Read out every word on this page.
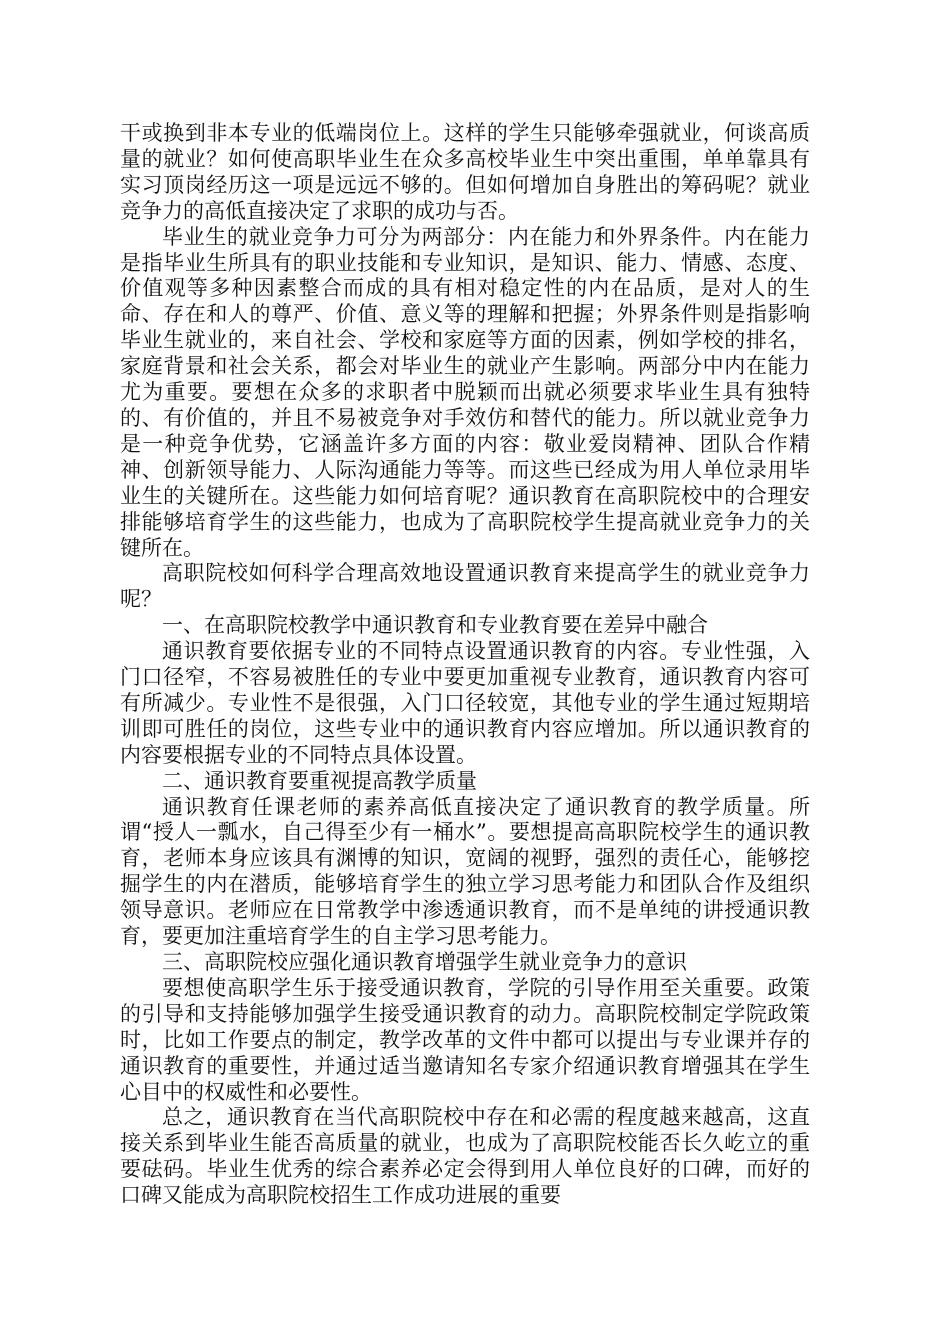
干或换到非本专业的低端岗位上。这样的学生只能够牵强就业，何谈高质量的就业？如何使高职毕业生在众多高校毕业生中突出重围，单单靠具有实习顶岗经历这一项是远远不够的。但如何增加自身胜出的筹码呢？就业竞争力的高低直接决定了求职的成功与否。

毕业生的就业竞争力可分为两部分：内在能力和外界条件。内在能力是指毕业生所具有的职业技能和专业知识，是知识、能力、情感、态度、价值观等多种因素整合而成的具有相对稳定性的内在品质，是对人的生命、存在和人的尊严、价值、意义等的理解和把握；外界条件则是指影响毕业生就业的，来自社会、学校和家庭等方面的因素，例如学校的排名，家庭背景和社会关系，都会对毕业生的就业产生影响。两部分中内在能力尤为重要。要想在众多的求职者中脱颖而出就必须要求毕业生具有独特的、有价值的，并且不易被竞争对手效仿和替代的能力。所以就业竞争力是一种竞争优势，它涵盖许多方面的内容：敬业爱岗精神、团队合作精神、创新领导能力、人际沟通能力等等。而这些已经成为用人单位录用毕业生的关键所在。这些能力如何培育呢？通识教育在高职院校中的合理安排能够培育学生的这些能力，也成为了高职院校学生提高就业竞争力的关键所在。

高职院校如何科学合理高效地设置通识教育来提高学生的就业竞争力呢？

一、在高职院校教学中通识教育和专业教育要在差异中融合

通识教育要依据专业的不同特点设置通识教育的内容。专业性强，入门口径窄，不容易被胜任的专业中要更加重视专业教育，通识教育内容可有所减少。专业性不是很强，入门口径较宽，其他专业的学生通过短期培训即可胜任的岗位，这些专业中的通识教育内容应增加。所以通识教育的内容要根据专业的不同特点具体设置。

二、通识教育要重视提高教学质量

通识教育任课老师的素养高低直接决定了通识教育的教学质量。所谓“授人一瓢水，自己得至少有一桶水”。要想提高高职院校学生的通识教育，老师本身应该具有渊博的知识，宽阔的视野，强烈的责任心，能够挖掘学生的内在潜质，能够培育学生的独立学习思考能力和团队合作及组织领导意识。老师应在日常教学中渗透通识教育，而不是单纯的讲授通识教育，要更加注重培育学生的自主学习思考能力。

三、高职院校应强化通识教育增强学生就业竞争力的意识

要想使高职学生乐于接受通识教育，学院的引导作用至关重要。政策的引导和支持能够加强学生接受通识教育的动力。高职院校制定学院政策时，比如工作要点的制定，教学改革的文件中都可以提出与专业课并存的通识教育的重要性，并通过适当邀请知名专家介绍通识教育增强其在学生心目中的权威性和必要性。

总之，通识教育在当代高职院校中存在和必需的程度越来越高，这直接关系到毕业生能否高质量的就业，也成为了高职院校能否长久屹立的重要砝码。毕业生优秀的综合素养必定会得到用人单位良好的口碑，而好的口碑又能成为高职院校招生工作成功进展的重要
